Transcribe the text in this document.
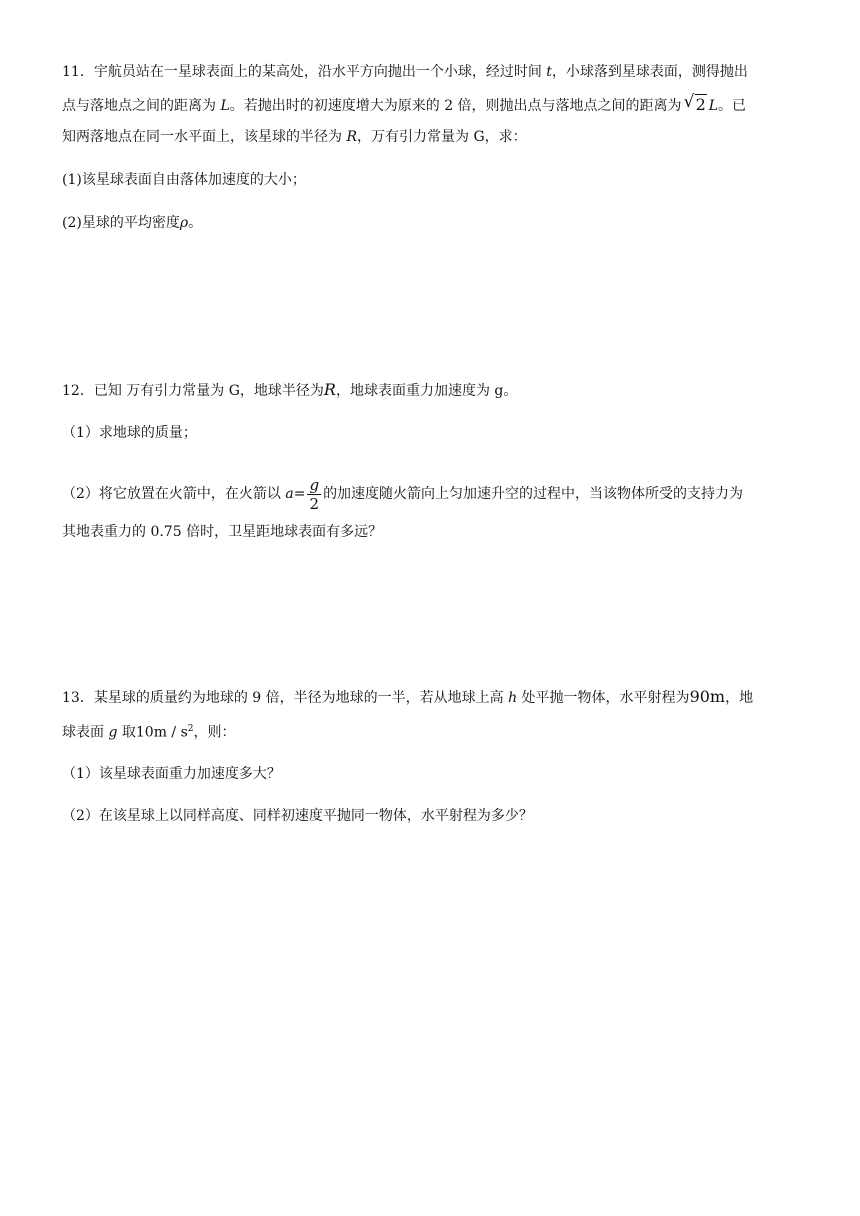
11．宇航员站在一星球表面上的某高处，沿水平方向抛出一个小球，经过时间 t，小球落到星球表面，测得抛出
点与落地点之间的距离为 L。若抛出时的初速度增大为原来的 2 倍，则抛出点与落地点之间的距离为 √ 2 L。已
知两落地点在同一水平面上，该星球的半径为 R，万有引力常量为 G，求：
(1)该星球表面自由落体加速度的大小；
(2)星球的平均密度ρ。
12．已知 万有引力常量为 G，地球半径为R，地球表面重力加速度为 g。
（1）求地球的质量；
（2）将它放置在火箭中，在火箭以 $a= \frac{g}{2}$ 的加速度随火箭向上匀加速升空的过程中，当该物体所受的支持力为
其地表重力的 0.75 倍时，卫星距地球表面有多远？
13．某星球的质量约为地球的 9 倍，半径为地球的一半，若从地球上高 h 处平抛一物体，水平射程为90m，地
球表面 g 取$10m / s^2$，则：
（1）该星球表面重力加速度多大？
（2）在该星球上以同样高度、同样初速度平抛同一物体，水平射程为多少？
